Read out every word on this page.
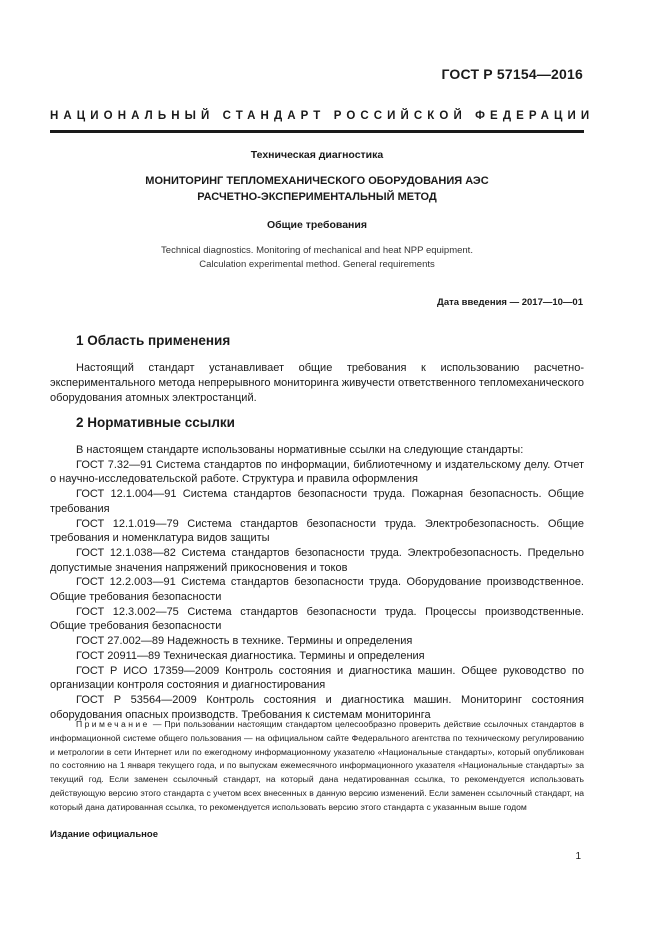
ГОСТ Р 57154—2016
НАЦИОНАЛЬНЫЙ СТАНДАРТ РОССИЙСКОЙ ФЕДЕРАЦИИ
Техническая диагностика
МОНИТОРИНГ ТЕПЛОМЕХАНИЧЕСКОГО ОБОРУДОВАНИЯ АЭС
РАСЧЕТНО-ЭКСПЕРИМЕНТАЛЬНЫЙ МЕТОД
Общие требования
Technical diagnostics. Monitoring of mechanical and heat NPP equipment.
Calculation experimental method. General requirements
Дата введения — 2017—10—01
1 Область применения
Настоящий стандарт устанавливает общие требования к использованию расчетно-экспериментального метода непрерывного мониторинга живучести ответственного тепломеханического оборудования атомных электростанций.
2 Нормативные ссылки

В настоящем стандарте использованы нормативные ссылки на следующие стандарты:

ГОСТ 7.32—91 Система стандартов по информации, библиотечному и издательскому делу. Отчет о научно-исследовательской работе. Структура и правила оформления

ГОСТ 12.1.004—91 Система стандартов безопасности труда. Пожарная безопасность. Общие требования

ГОСТ 12.1.019—79 Система стандартов безопасности труда. Электробезопасность. Общие требования и номенклатура видов защиты

ГОСТ 12.1.038—82 Система стандартов безопасности труда. Электробезопасность. Предельно допустимые значения напряжений прикосновения и токов

ГОСТ 12.2.003—91 Система стандартов безопасности труда. Оборудование производственное. Общие требования безопасности

ГОСТ 12.3.002—75 Система стандартов безопасности труда. Процессы производственные. Общие требования безопасности

ГОСТ 27.002—89 Надежность в технике. Термины и определения

ГОСТ 20911—89 Техническая диагностика. Термины и определения

ГОСТ Р ИСО 17359—2009 Контроль состояния и диагностика машин. Общее руководство по организации контроля состояния и диагностирования

ГОСТ Р 53564—2009 Контроль состояния и диагностика машин. Мониторинг состояния оборудования опасных производств. Требования к системам мониторинга

Примечание — При пользовании настоящим стандартом целесообразно проверить действие ссылочных стандартов в информационной системе общего пользования — на официальном сайте Федерального агентства по техническому регулированию и метрологии в сети Интернет или по ежегодному информационному указателю «Национальные стандарты», который опубликован по состоянию на 1 января текущего года, и по выпускам ежемесячного информационного указателя «Национальные стандарты» за текущий год. Если заменен ссылочный стандарт, на который дана недатированная ссылка, то рекомендуется использовать действующую версию этого стандарта с учетом всех внесенных в данную версию изменений. Если заменен ссылочный стандарт, на который дана датированная ссылка, то рекомендуется использовать версию этого стандарта с указанным выше годом
Издание официальное
1
